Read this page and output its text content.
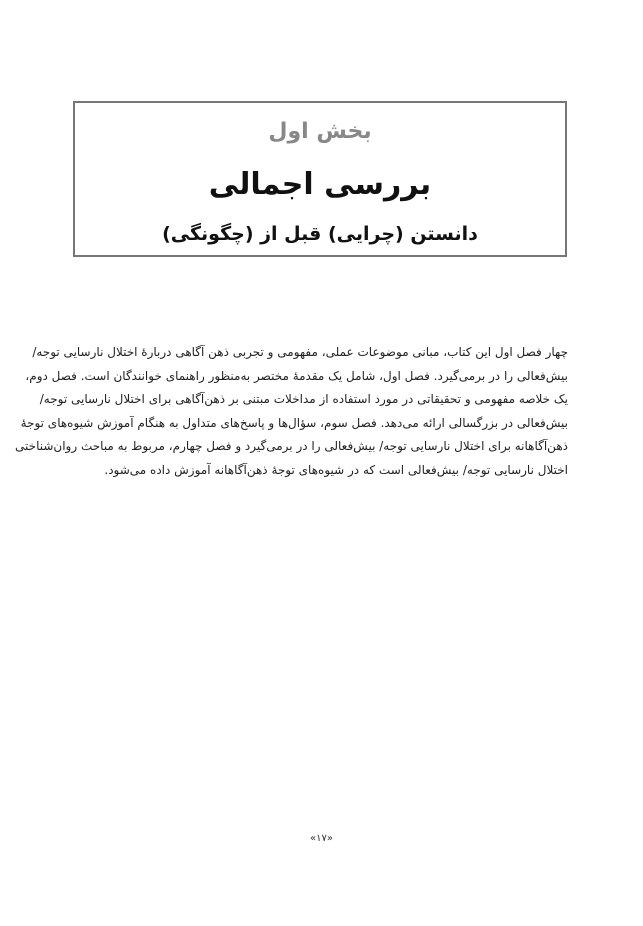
بخش اول
بررسی اجمالی
دانستن (چرایی) قبل از (چگونگی)
چهار فصل اول این کتاب، مبانی موضوعات عملی، مفهومی و تجربی ذهن آگاهی دربارهٔ اختلال نارسایی توجه/
بیش‌فعالی را در برمی‌گیرد. فصل اول، شامل یک مقدمهٔ مختصر به‌منظور راهنمای خوانندگان است. فصل دوم،
یک خلاصه مفهومی و تحقیقاتی در مورد استفاده از مداخلات مبتنی بر ذهن‌آگاهی برای اختلال نارسایی توجه/
بیش‌فعالی در بزرگسالی ارائه می‌دهد. فصل سوم، سؤال‌ها و پاسخ‌های متداول به هنگام آموزش شیوه‌های توجهٔ
ذهن‌آگاهانه برای اختلال نارسایی توجه/ بیش‌فعالی را در برمی‌گیرد و فصل چهارم، مربوط به مباحث روان‌شناختی
اختلال نارسایی توجه/ بیش‌فعالی است که در شیوه‌های توجهٔ ذهن‌آگاهانه آموزش داده می‌شود.
«۱۷»
